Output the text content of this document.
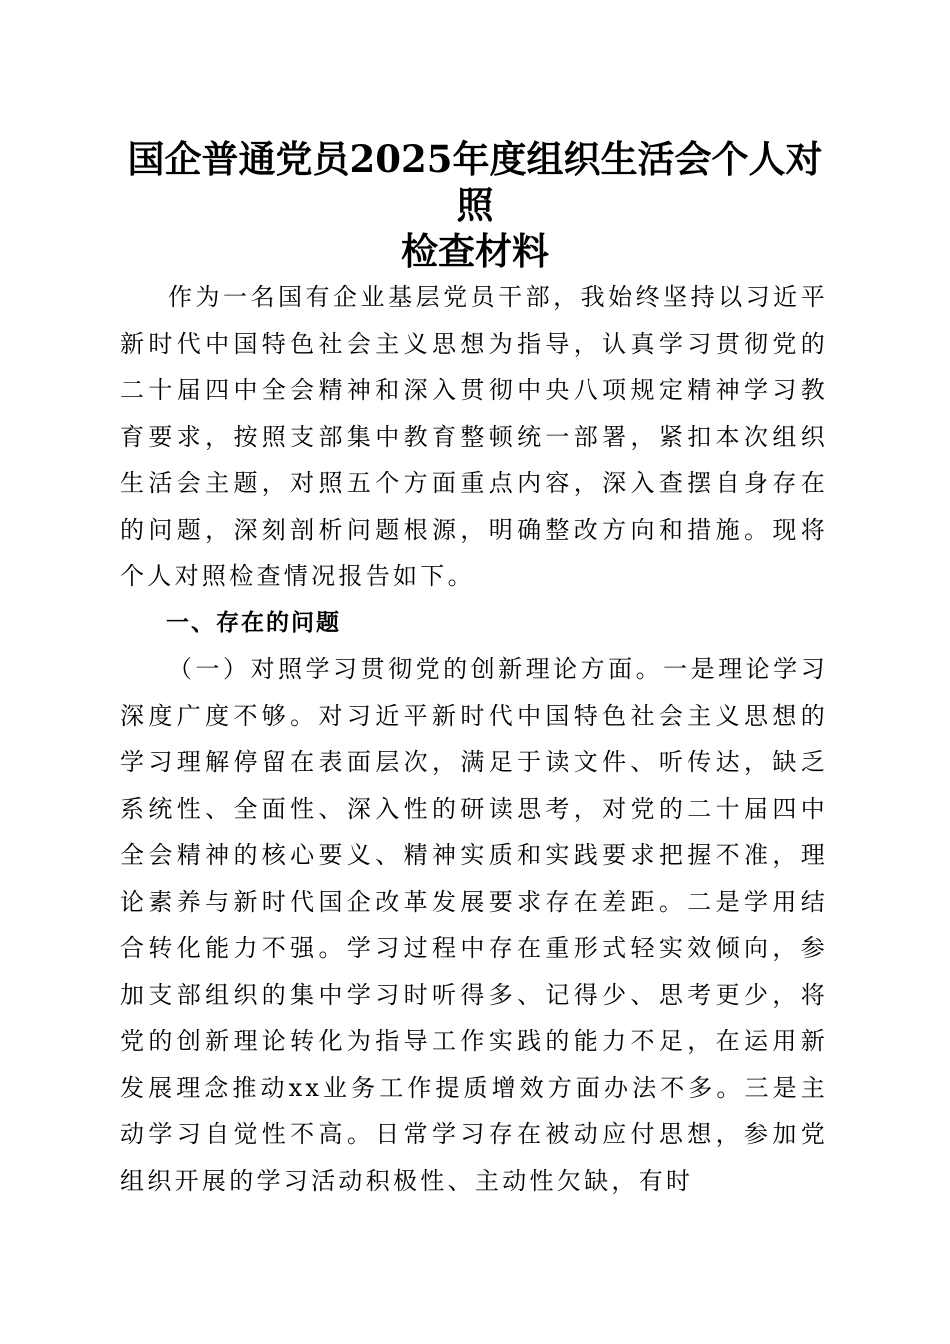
国企普通党员2025年度组织生活会个人对照
检查材料

作为一名国有企业基层党员干部，我始终坚持以习近平新时代中国特色社会主义思想为指导，认真学习贯彻党的二十届四中全会精神和深入贯彻中央八项规定精神学习教育要求，按照支部集中教育整顿统一部署，紧扣本次组织生活会主题，对照五个方面重点内容，深入查摆自身存在的问题，深刻剖析问题根源，明确整改方向和措施。现将个人对照检查情况报告如下。

一、存在的问题

（一）对照学习贯彻党的创新理论方面。一是理论学习深度广度不够。对习近平新时代中国特色社会主义思想的学习理解停留在表面层次，满足于读文件、听传达，缺乏系统性、全面性、深入性的研读思考，对党的二十届四中全会精神的核心要义、精神实质和实践要求把握不准，理论素养与新时代国企改革发展要求存在差距。二是学用结合转化能力不强。学习过程中存在重形式轻实效倾向，参加支部组织的集中学习时听得多、记得少、思考更少，将党的创新理论转化为指导工作实践的能力不足，在运用新发展理念推动xx业务工作提质增效方面办法不多。三是主动学习自觉性不高。日常学习存在被动应付思想，参加党组织开展的学习活动积极性、主动性欠缺，有时
